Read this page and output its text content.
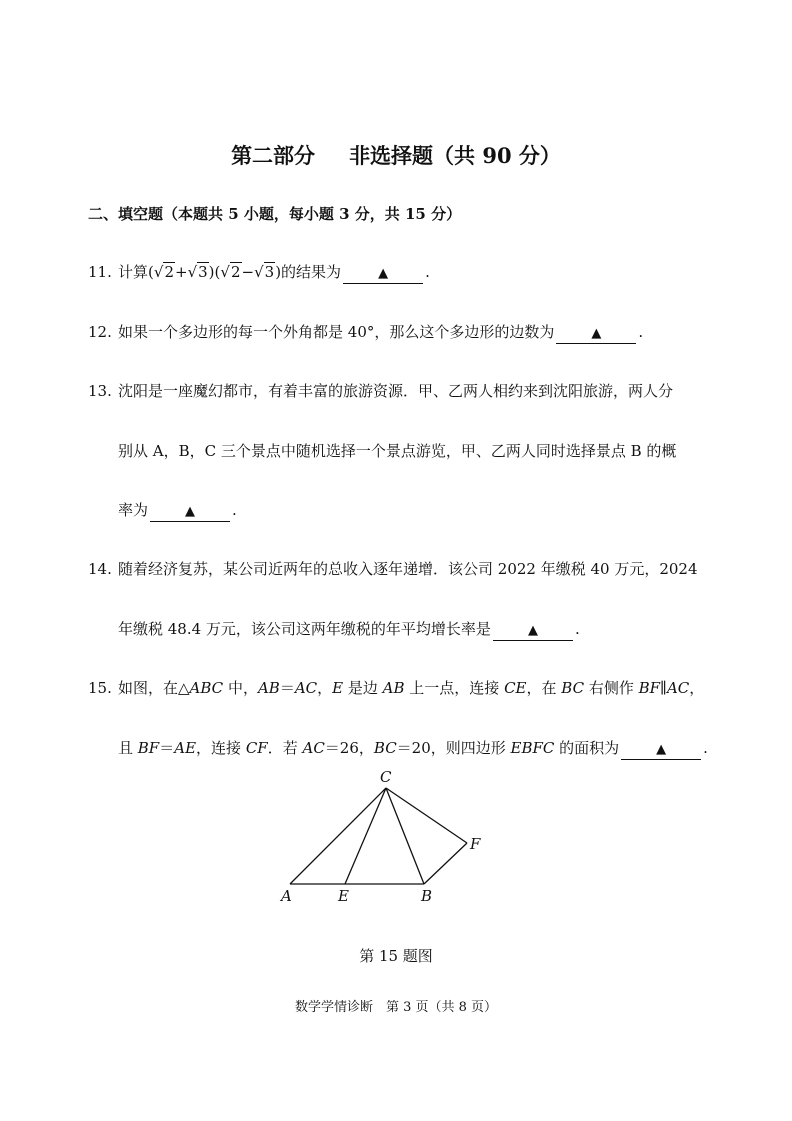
第二部分 非选择题（共 90 分）
二、填空题（本题共 5 小题，每小题 3 分，共 15 分）
11. 计算(√2+√3)(√2−√3)的结果为	▲ .
12. 如果一个多边形的每一个外角都是 40°，那么这个多边形的边数为	▲ .
13. 沈阳是一座魔幻都市，有着丰富的旅游资源．甲、乙两人相约来到沈阳旅游，两人分
别从 A，B，C 三个景点中随机选择一个景点游览，甲、乙两人同时选择景点 B 的概
率为	▲ .
14. 随着经济复苏，某公司近两年的总收入逐年递增．该公司 2022 年缴税 40 万元，2024
年缴税 48.4 万元，该公司这两年缴税的年平均增长率是	▲ .
15. 如图，在△ABC 中，AB＝AC，E 是边 AB 上一点，连接 CE，在 BC 右侧作 BF∥AC，
且 BF＝AE，连接 CF．若 AC＝26，BC＝20，则四边形 EBFC 的面积为	▲ .
C
F
A	E	B
第 15 题图
数学学情诊断　第 3 页（共 8 页）
